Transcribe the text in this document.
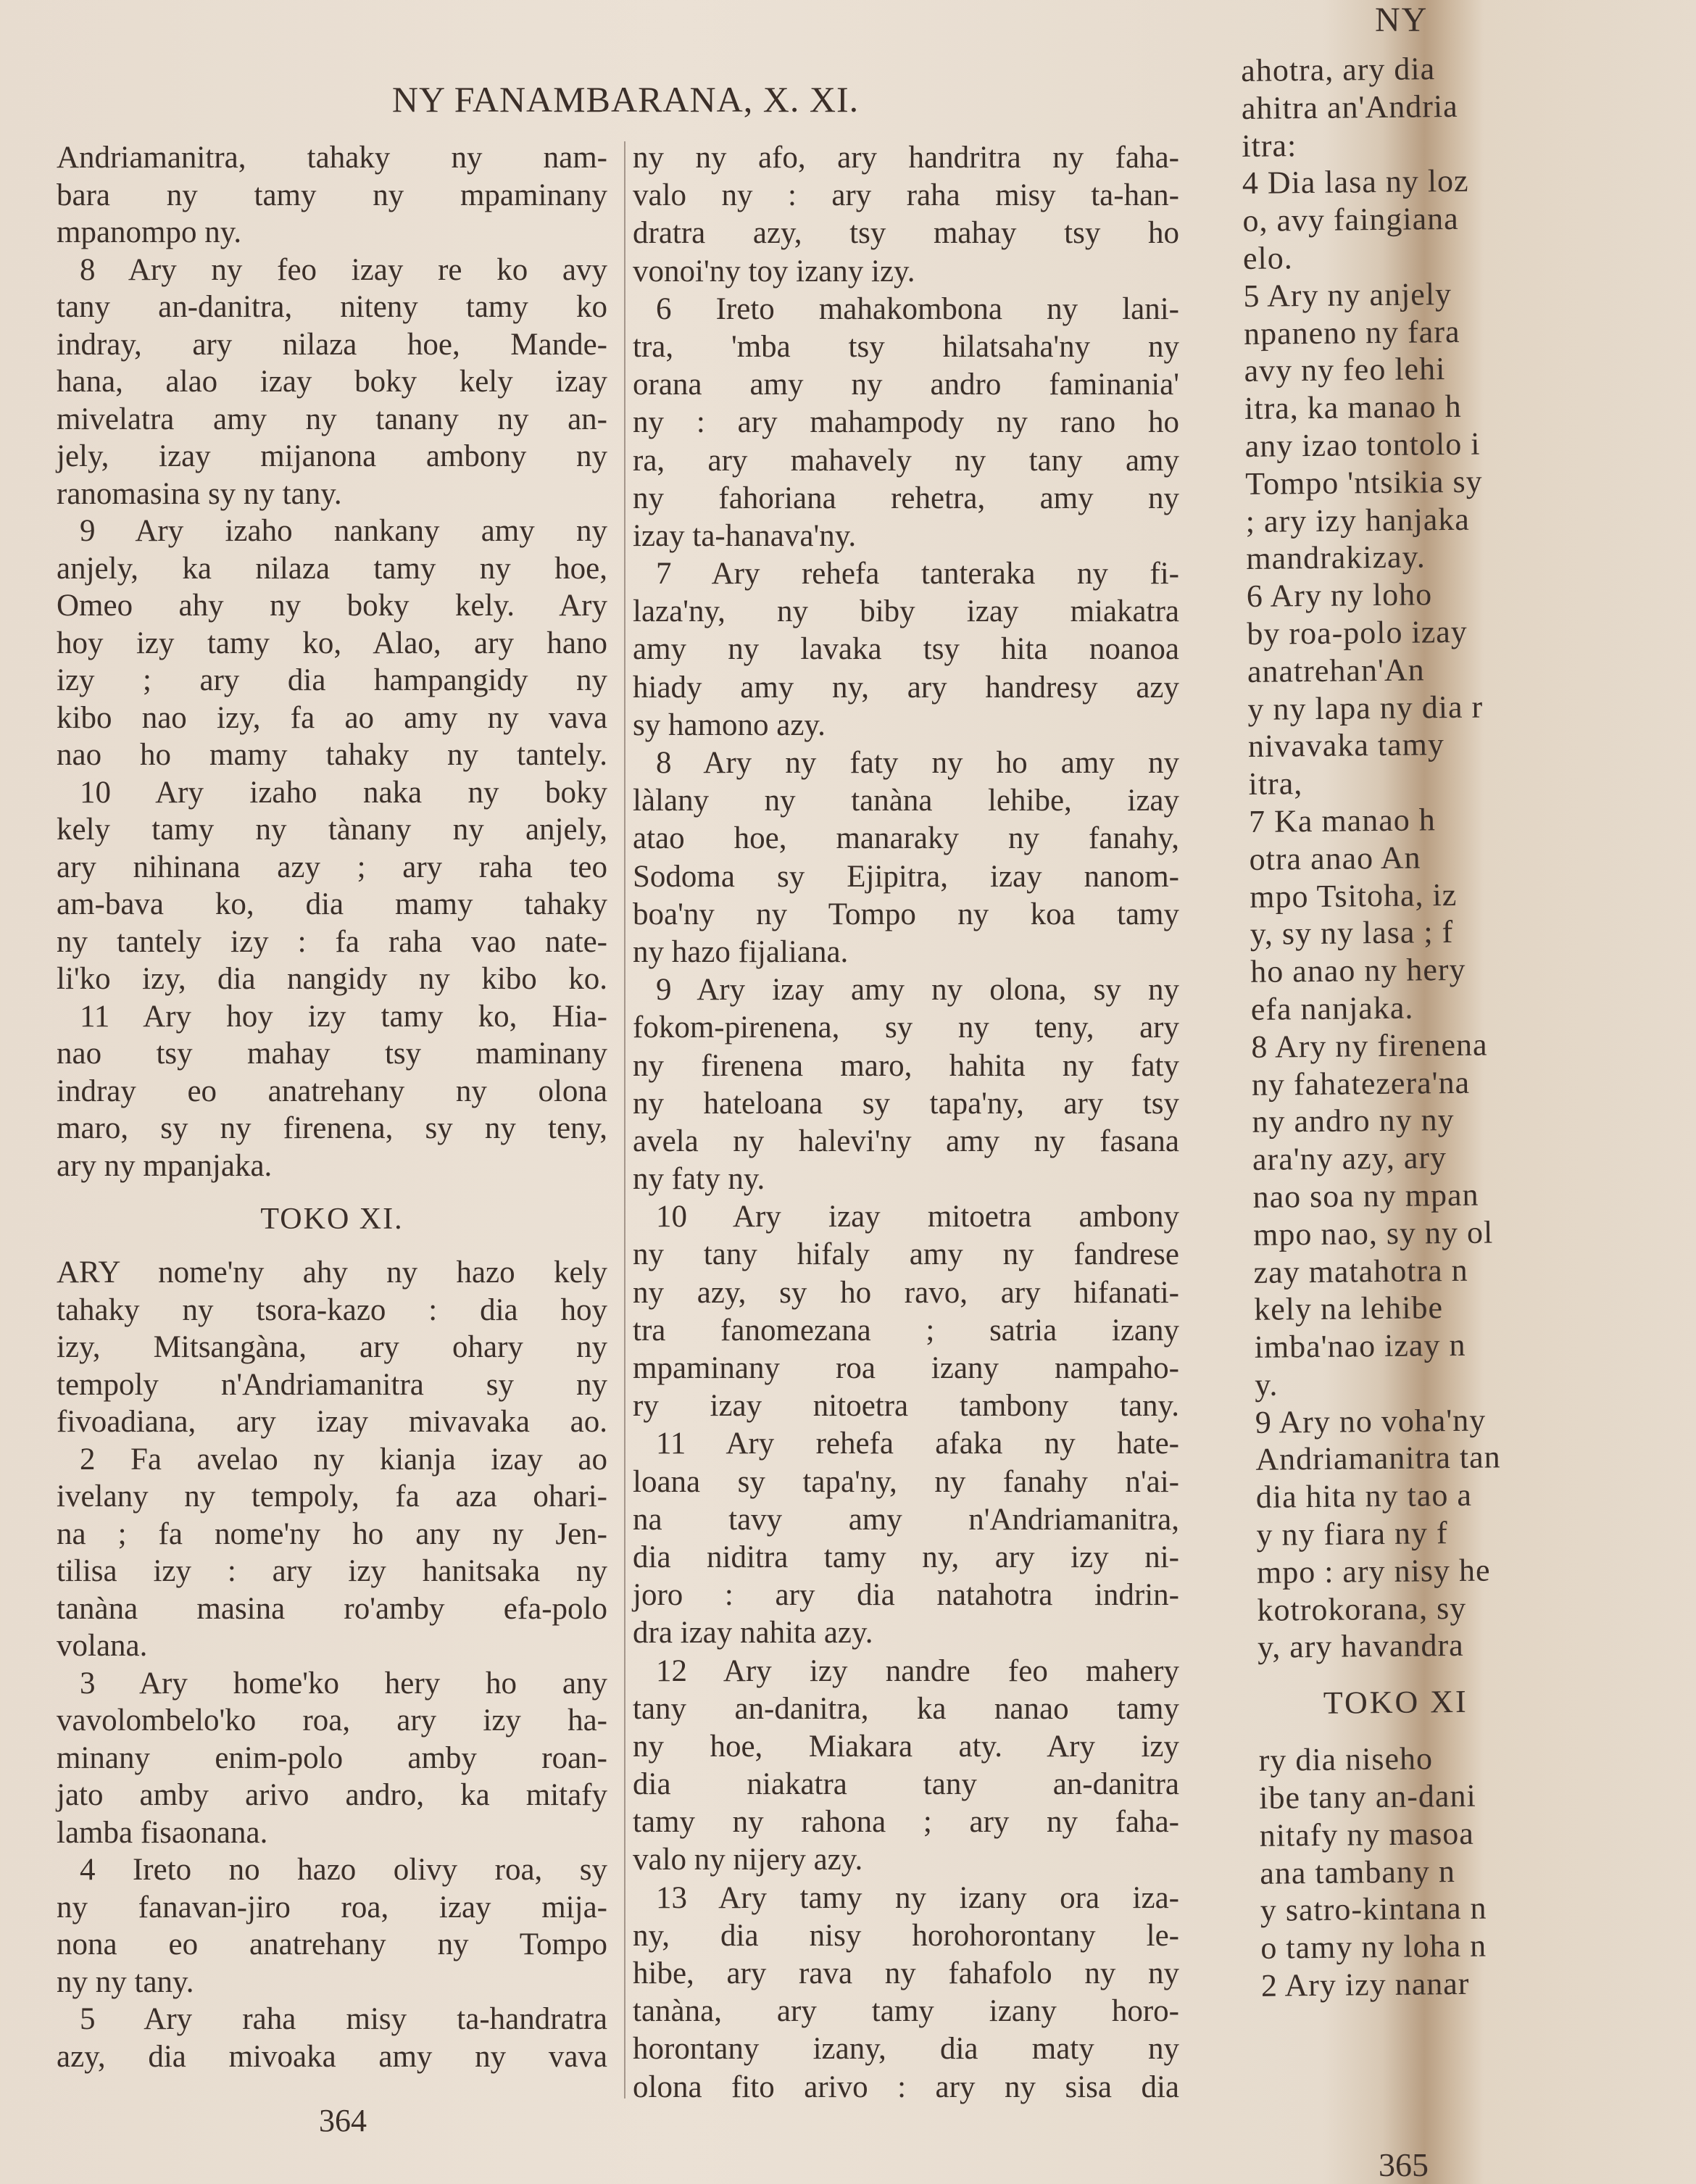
NY FANAMBARANA, X. XI.
Andriamanitra, tahaky ny nam-
bara ny tamy ny mpaminany
mpanompo ny.
8 Ary ny feo izay re ko avy
tany an-danitra, niteny tamy ko
indray, ary nilaza hoe, Mande-
hana, alao izay boky kely izay
mivelatra amy ny tanany ny an-
jely, izay mijanona ambony ny
ranomasina sy ny tany.
9 Ary izaho nankany amy ny
anjely, ka nilaza tamy ny hoe,
Omeo ahy ny boky kely. Ary
hoy izy tamy ko, Alao, ary hano
izy ; ary dia hampangidy ny
kibo nao izy, fa ao amy ny vava
nao ho mamy tahaky ny tantely.
10 Ary izaho naka ny boky
kely tamy ny tànany ny anjely,
ary nihinana azy ; ary raha teo
am-bava ko, dia mamy tahaky
ny tantely izy : fa raha vao nate-
li'ko izy, dia nangidy ny kibo ko.
11 Ary hoy izy tamy ko, Hia-
nao tsy mahay tsy maminany
indray eo anatrehany ny olona
maro, sy ny firenena, sy ny teny,
ary ny mpanjaka.
TOKO XI.
ARY nome'ny ahy ny hazo kely
tahaky ny tsora-kazo : dia hoy
izy, Mitsangàna, ary ohary ny
tempoly n'Andriamanitra sy ny
fivoadiana, ary izay mivavaka ao.
2 Fa avelao ny kianja izay ao
ivelany ny tempoly, fa aza ohari-
na ; fa nome'ny ho any ny Jen-
tilisa izy : ary izy hanitsaka ny
tanàna masina ro'amby efa-polo
volana.
3 Ary home'ko hery ho any
vavolombelo'ko roa, ary izy ha-
minany enim-polo amby roan-
jato amby arivo andro, ka mitafy
lamba fisaonana.
4 Ireto no hazo olivy roa, sy
ny fanavan-jiro roa, izay mija-
nona eo anatrehany ny Tompo
ny ny tany.
5 Ary raha misy ta-handratra
azy, dia mivoaka amy ny vava
ny ny afo, ary handritra ny faha-
valo ny : ary raha misy ta-han-
dratra azy, tsy mahay tsy ho
vonoi'ny toy izany izy.
6 Ireto mahakombona ny lani-
tra, 'mba tsy hilatsaha'ny ny
orana amy ny andro faminania'
ny : ary mahampody ny rano ho
ra, ary mahavely ny tany amy
ny fahoriana rehetra, amy ny
izay ta-hanava'ny.
7 Ary rehefa tanteraka ny fi-
laza'ny, ny biby izay miakatra
amy ny lavaka tsy hita noanoa
hiady amy ny, ary handresy azy
sy hamono azy.
8 Ary ny faty ny ho amy ny
làlany ny tanàna lehibe, izay
atao hoe, manaraky ny fanahy,
Sodoma sy Ejipitra, izay nanom-
boa'ny ny Tompo ny koa tamy
ny hazo fijaliana.
9 Ary izay amy ny olona, sy ny
fokom-pirenena, sy ny teny, ary
ny firenena maro, hahita ny faty
ny hateloana sy tapa'ny, ary tsy
avela ny halevi'ny amy ny fasana
ny faty ny.
10 Ary izay mitoetra ambony
ny tany hifaly amy ny fandrese
ny azy, sy ho ravo, ary hifanati-
tra fanomezana ; satria izany
mpaminany roa izany nampaho-
ry izay nitoetra tambony tany.
11 Ary rehefa afaka ny hate-
loana sy tapa'ny, ny fanahy n'ai-
na tavy amy n'Andriamanitra,
dia niditra tamy ny, ary izy ni-
joro : ary dia natahotra indrin-
dra izay nahita azy.
12 Ary izy nandre feo mahery
tany an-danitra, ka nanao tamy
ny hoe, Miakara aty. Ary izy
dia niakatra tany an-danitra
tamy ny rahona ; ary ny faha-
valo ny nijery azy.
13 Ary tamy ny izany ora iza-
ny, dia nisy horohorontany le-
hibe, ary rava ny fahafolo ny ny
tanàna, ary tamy izany horo-
horontany izany, dia maty ny
olona fito arivo : ary ny sisa dia
364
NY
ahotra, ary dia
ahitra an'Andria
itra:
4 Dia lasa ny loz
o, avy faingiana
elo.
5 Ary ny anjely
npaneno ny fara
avy ny feo lehi
itra, ka manao h
any izao tontolo i
Tompo 'ntsikia sy
; ary izy hanjaka
mandrakizay.
6 Ary ny loho
by roa-polo izay
anatrehan'An
y ny lapa ny dia r
nivavaka tamy
itra,
7 Ka manao h
otra anao An
mpo Tsitoha, iz
y, sy ny lasa ; f
ho anao ny hery
efa nanjaka.
8 Ary ny firenena
ny fahatezera'na
ny andro ny ny
ara'ny azy, ary
nao soa ny mpan
mpo nao, sy ny ol
zay matahotra n
kely na lehibe
imba'nao izay n
y.
9 Ary no voha'ny
Andriamanitra tan
dia hita ny tao a
y ny fiara ny f
mpo : ary nisy he
kotrokorana, sy
y, ary havandra
TOKO XI
ry dia niseho
ibe tany an-dani
nitafy ny masoa
ana tambany n
y satro-kintana n
o tamy ny loha n
2 Ary izy nanar
365
